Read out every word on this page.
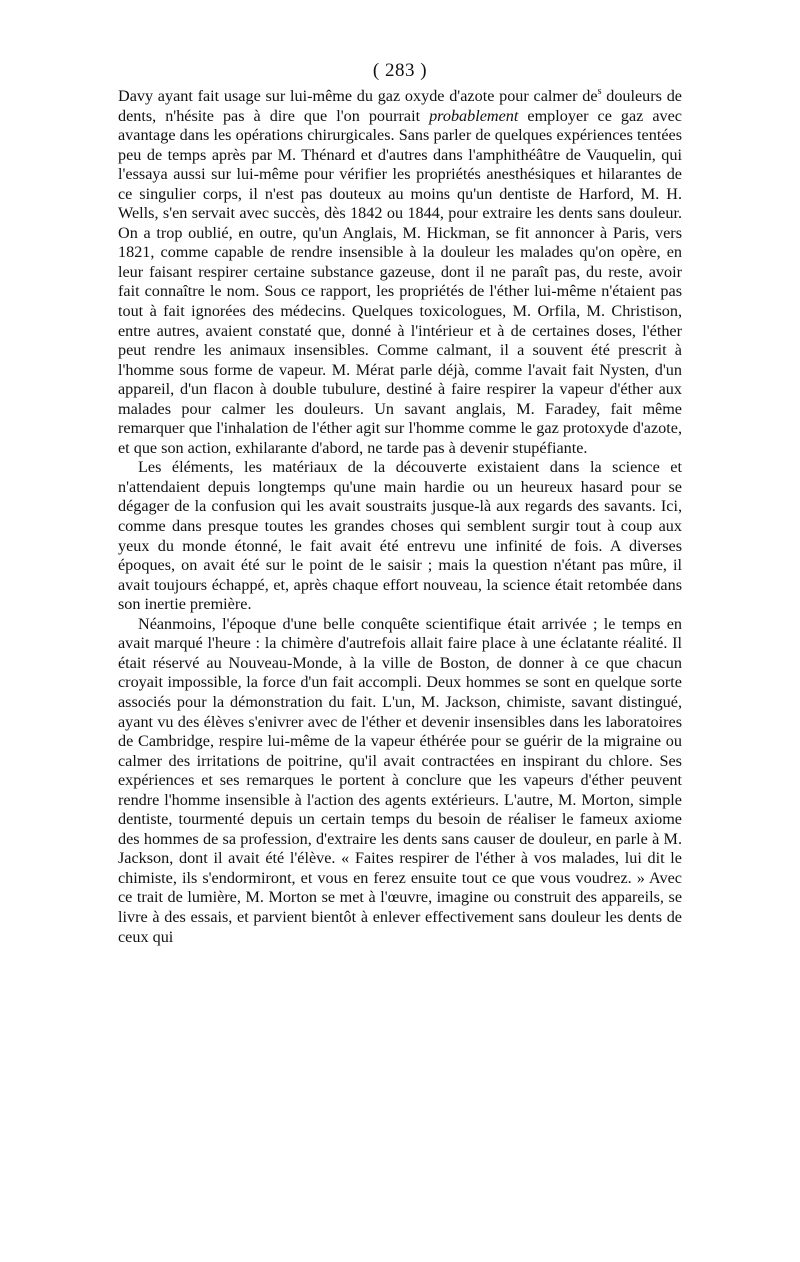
( 283 )

Davy ayant fait usage sur lui-même du gaz oxyde d'azote pour calmer $de^s$ douleurs de dents, n'hésite pas à dire que l'on pourrait probablement employer ce gaz avec avantage dans les opérations chirurgicales. Sans parler de quelques expériences tentées peu de temps après par M. Thénard et d'autres dans l'amphithéâtre de Vauquelin, qui l'essaya aussi sur lui-même pour vérifier les propriétés anesthésiques et hilarantes de ce singulier corps, il n'est pas douteux au moins qu'un dentiste de Harford, M. H. Wells, s'en servait avec succès, dès 1842 ou 1844, pour extraire les dents sans douleur. On a trop oublié, en outre, qu'un Anglais, M. Hickman, se fit annoncer à Paris, vers 1821, comme capable de rendre insensible à la douleur les malades qu'on opère, en leur faisant respirer certaine substance gazeuse, dont il ne paraît pas, du reste, avoir fait connaître le nom. Sous ce rapport, les propriétés de l'éther lui-même n'étaient pas tout à fait ignorées des médecins. Quelques toxicologues, M. Orfila, M. Christison, entre autres, avaient constaté que, donné à l'intérieur et à de certaines doses, l'éther peut rendre les animaux insensibles. Comme calmant, il a souvent été prescrit à l'homme sous forme de vapeur. M. Mérat parle déjà, comme l'avait fait Nysten, d'un appareil, d'un flacon à double tubulure, destiné à faire respirer la vapeur d'éther aux malades pour calmer les douleurs. Un savant anglais, M. Faradey, fait même remarquer que l'inhalation de l'éther agit sur l'homme comme le gaz protoxyde d'azote, et que son action, exhilarante d'abord, ne tarde pas à devenir stupéfiante.

Les éléments, les matériaux de la découverte existaient dans la science et n'attendaient depuis longtemps qu'une main hardie ou un heureux hasard pour se dégager de la confusion qui les avait soustraits jusque-là aux regards des savants. Ici, comme dans presque toutes les grandes choses qui semblent surgir tout à coup aux yeux du monde étonné, le fait avait été entrevu une infinité de fois. A diverses époques, on avait été sur le point de le saisir ; mais la question n'étant pas mûre, il avait toujours échappé, et, après chaque effort nouveau, la science était retombée dans son inertie première.

Néanmoins, l'époque d'une belle conquête scientifique était arrivée ; le temps en avait marqué l'heure : la chimère d'autrefois allait faire place à une éclatante réalité. Il était réservé au Nouveau-Monde, à la ville de Boston, de donner à ce que chacun croyait impossible, la force d'un fait accompli. Deux hommes se sont en quelque sorte associés pour la démonstration du fait. L'un, M. Jackson, chimiste, savant distingué, ayant vu des élèves s'enivrer avec de l'éther et devenir insensibles dans les laboratoires de Cambridge, respire lui-même de la vapeur éthérée pour se guérir de la migraine ou calmer des irritations de poitrine, qu'il avait contractées en inspirant du chlore. Ses expériences et ses remarques le portent à conclure que les vapeurs d'éther peuvent rendre l'homme insensible à l'action des agents extérieurs. L'autre, M. Morton, simple dentiste, tourmenté depuis un certain temps du besoin de réaliser le fameux axiome des hommes de sa profession, d'extraire les dents sans causer de douleur, en parle à M. Jackson, dont il avait été l'élève. « Faites respirer de l'éther à vos malades, lui dit le chimiste, ils s'endormiront, et vous en ferez ensuite tout ce que vous voudrez. » Avec ce trait de lumière, M. Morton se met à l'œuvre, imagine ou construit des appareils, se livre à des essais, et parvient bientôt à enlever effectivement sans douleur les dents de ceux qui
